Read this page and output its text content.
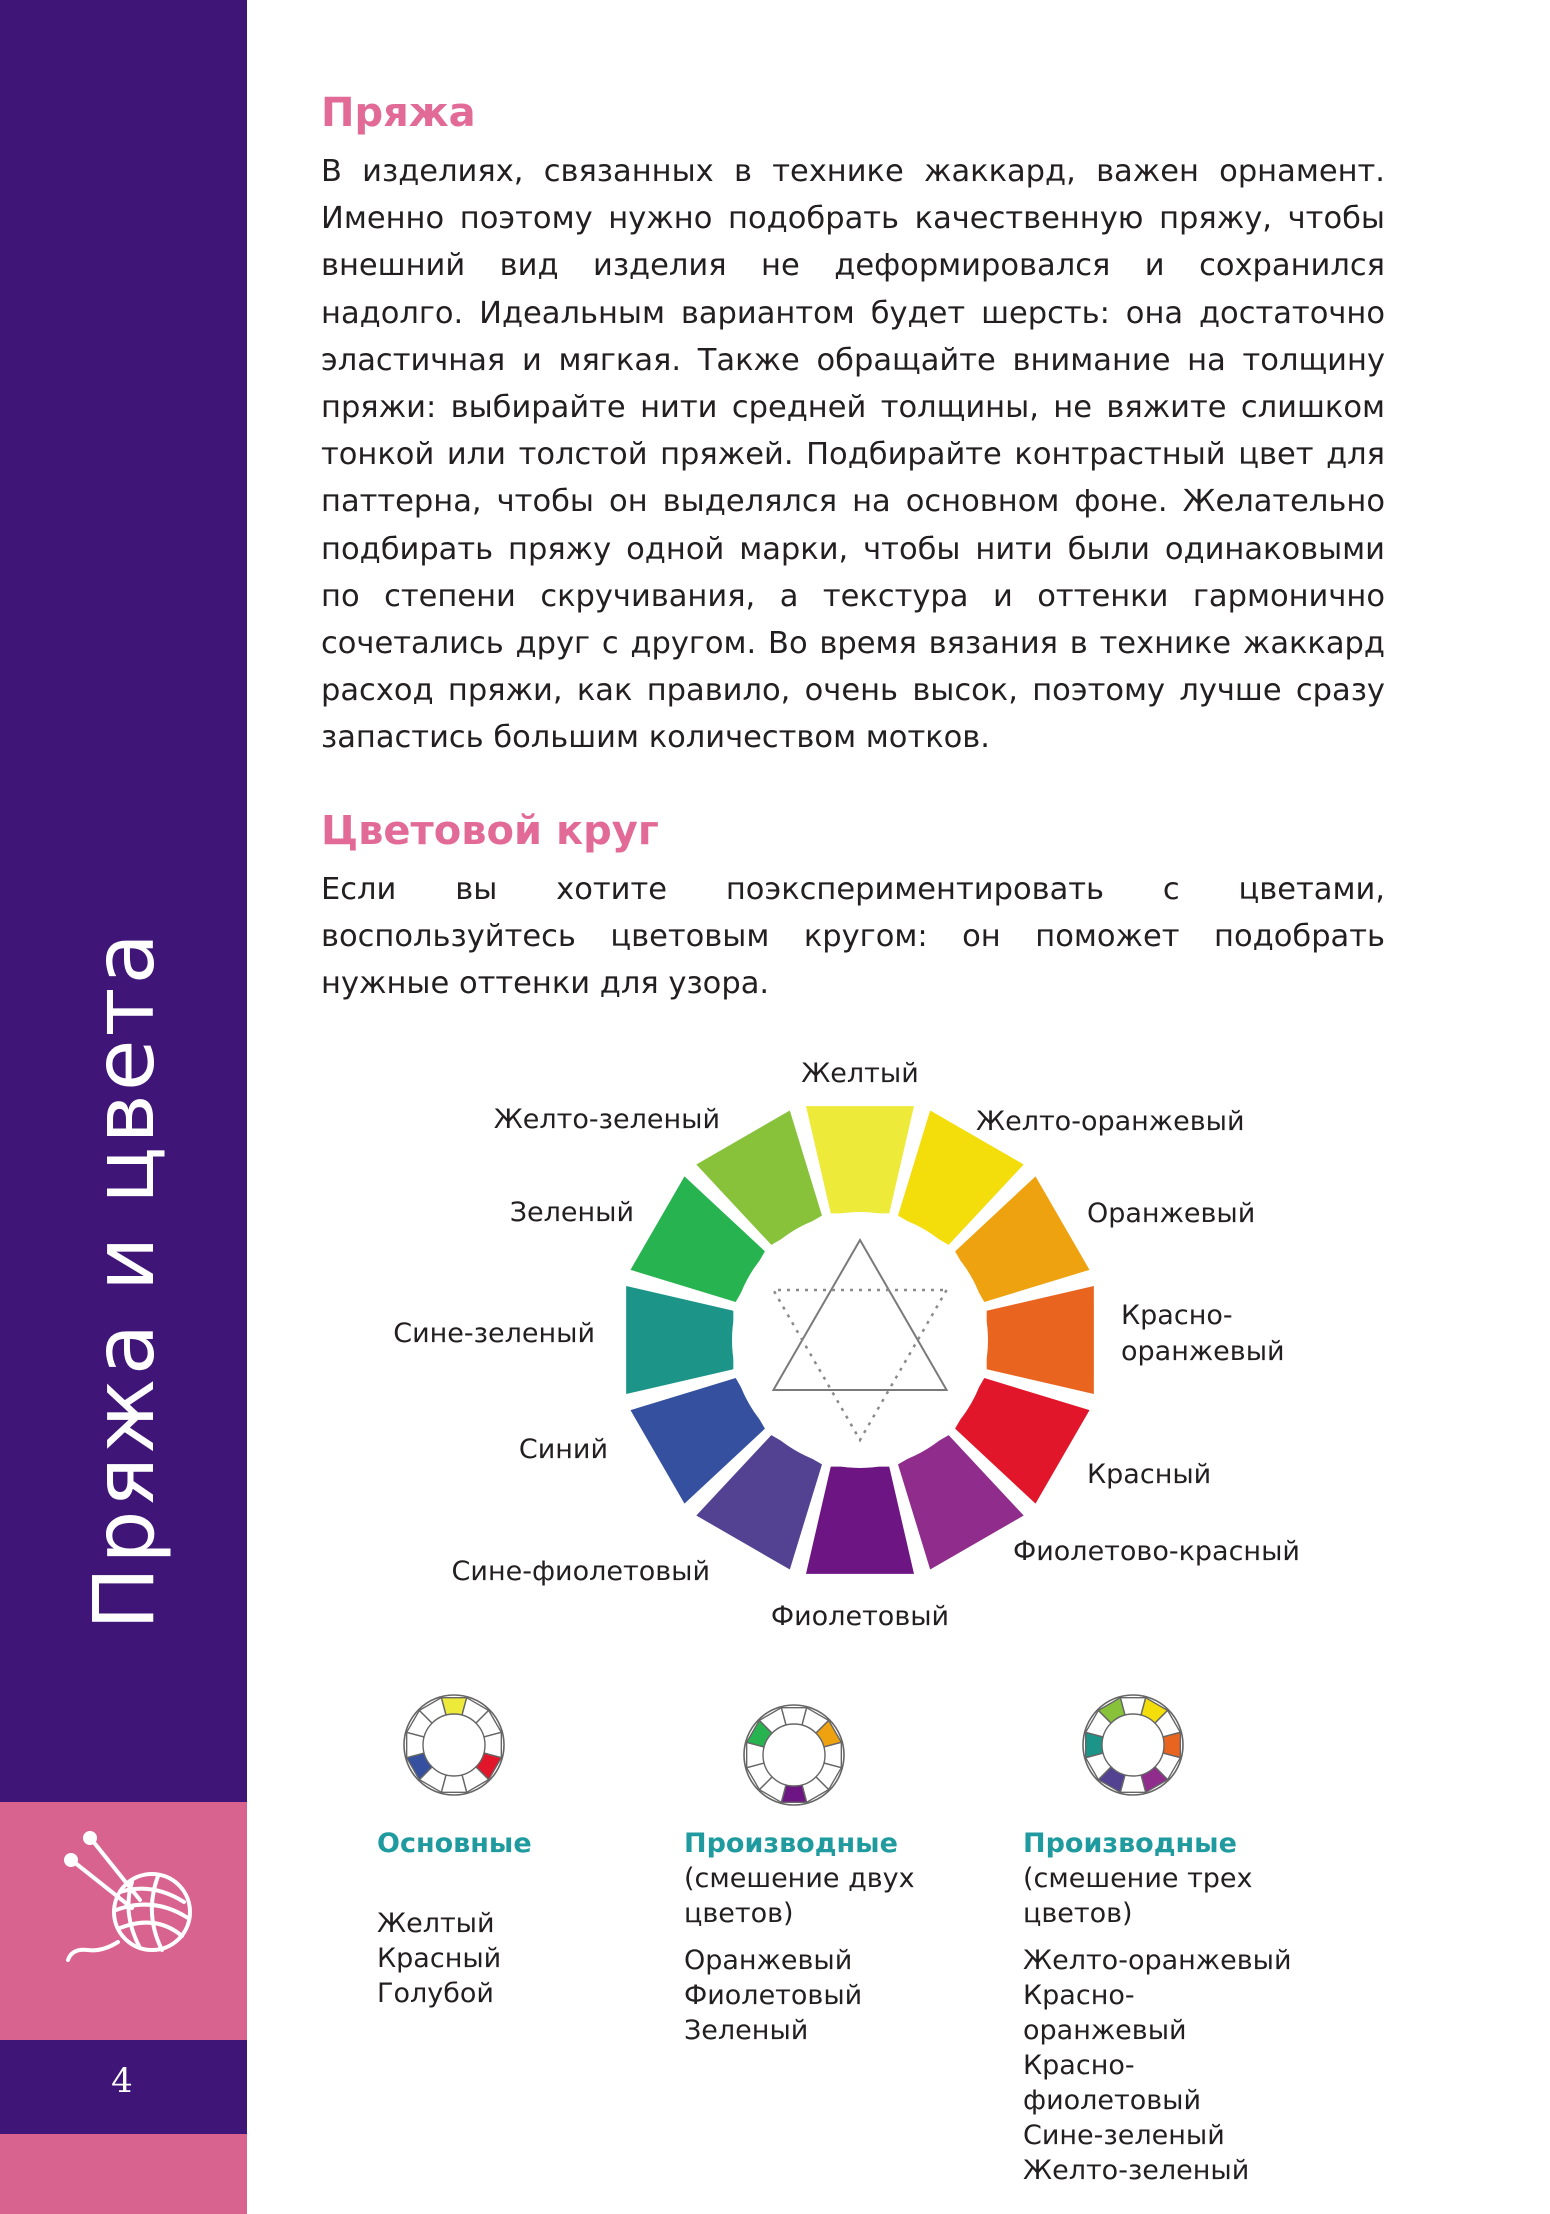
Пряжа и цвета
4
Пряжа

В изделиях, связанных в технике жаккард, важен орнамент. Именно поэтому нужно подобрать качественную пряжу, чтобы внешний вид изделия не деформировался и сохранился надолго. Идеальным вариантом будет шерсть: она достаточно эластичная и мягкая. Также обращайте внимание на толщину пряжи: выбирайте нити средней толщины, не вяжите слишком тонкой или толстой пряжей. Подбирайте контрастный цвет для паттерна, чтобы он выделялся на основном фоне. Желательно подбирать пряжу одной марки, чтобы нити были одинаковыми по степени скручивания, а текстура и оттенки гармонично сочетались друг с другом. Во время вязания в технике жаккард расход пряжи, как правило, очень высок, поэтому лучше сразу запастись большим количеством мотков.

Цветовой круг

Если вы хотите поэкспериментировать с цветами, воспользуйтесь цветовым кругом: он поможет подобрать нужные оттенки для узора.

Желтый
Желто-оранжевый
Оранжевый
Красно-оранжевый
Красный
Фиолетово-красный
Фиолетовый
Сине-фиолетовый
Синий
Сине-зеленый
Зеленый
Желто-зеленый
Основные
Желтый
Красный
Голубой
Производные
(смешение двух цветов)
Оранжевый
Фиолетовый
Зеленый
Производные
(смешение трех цветов)
Желто-оранжевый
Красно-оранжевый
Красно-фиолетовый
Сине-зеленый
Желто-зеленый
